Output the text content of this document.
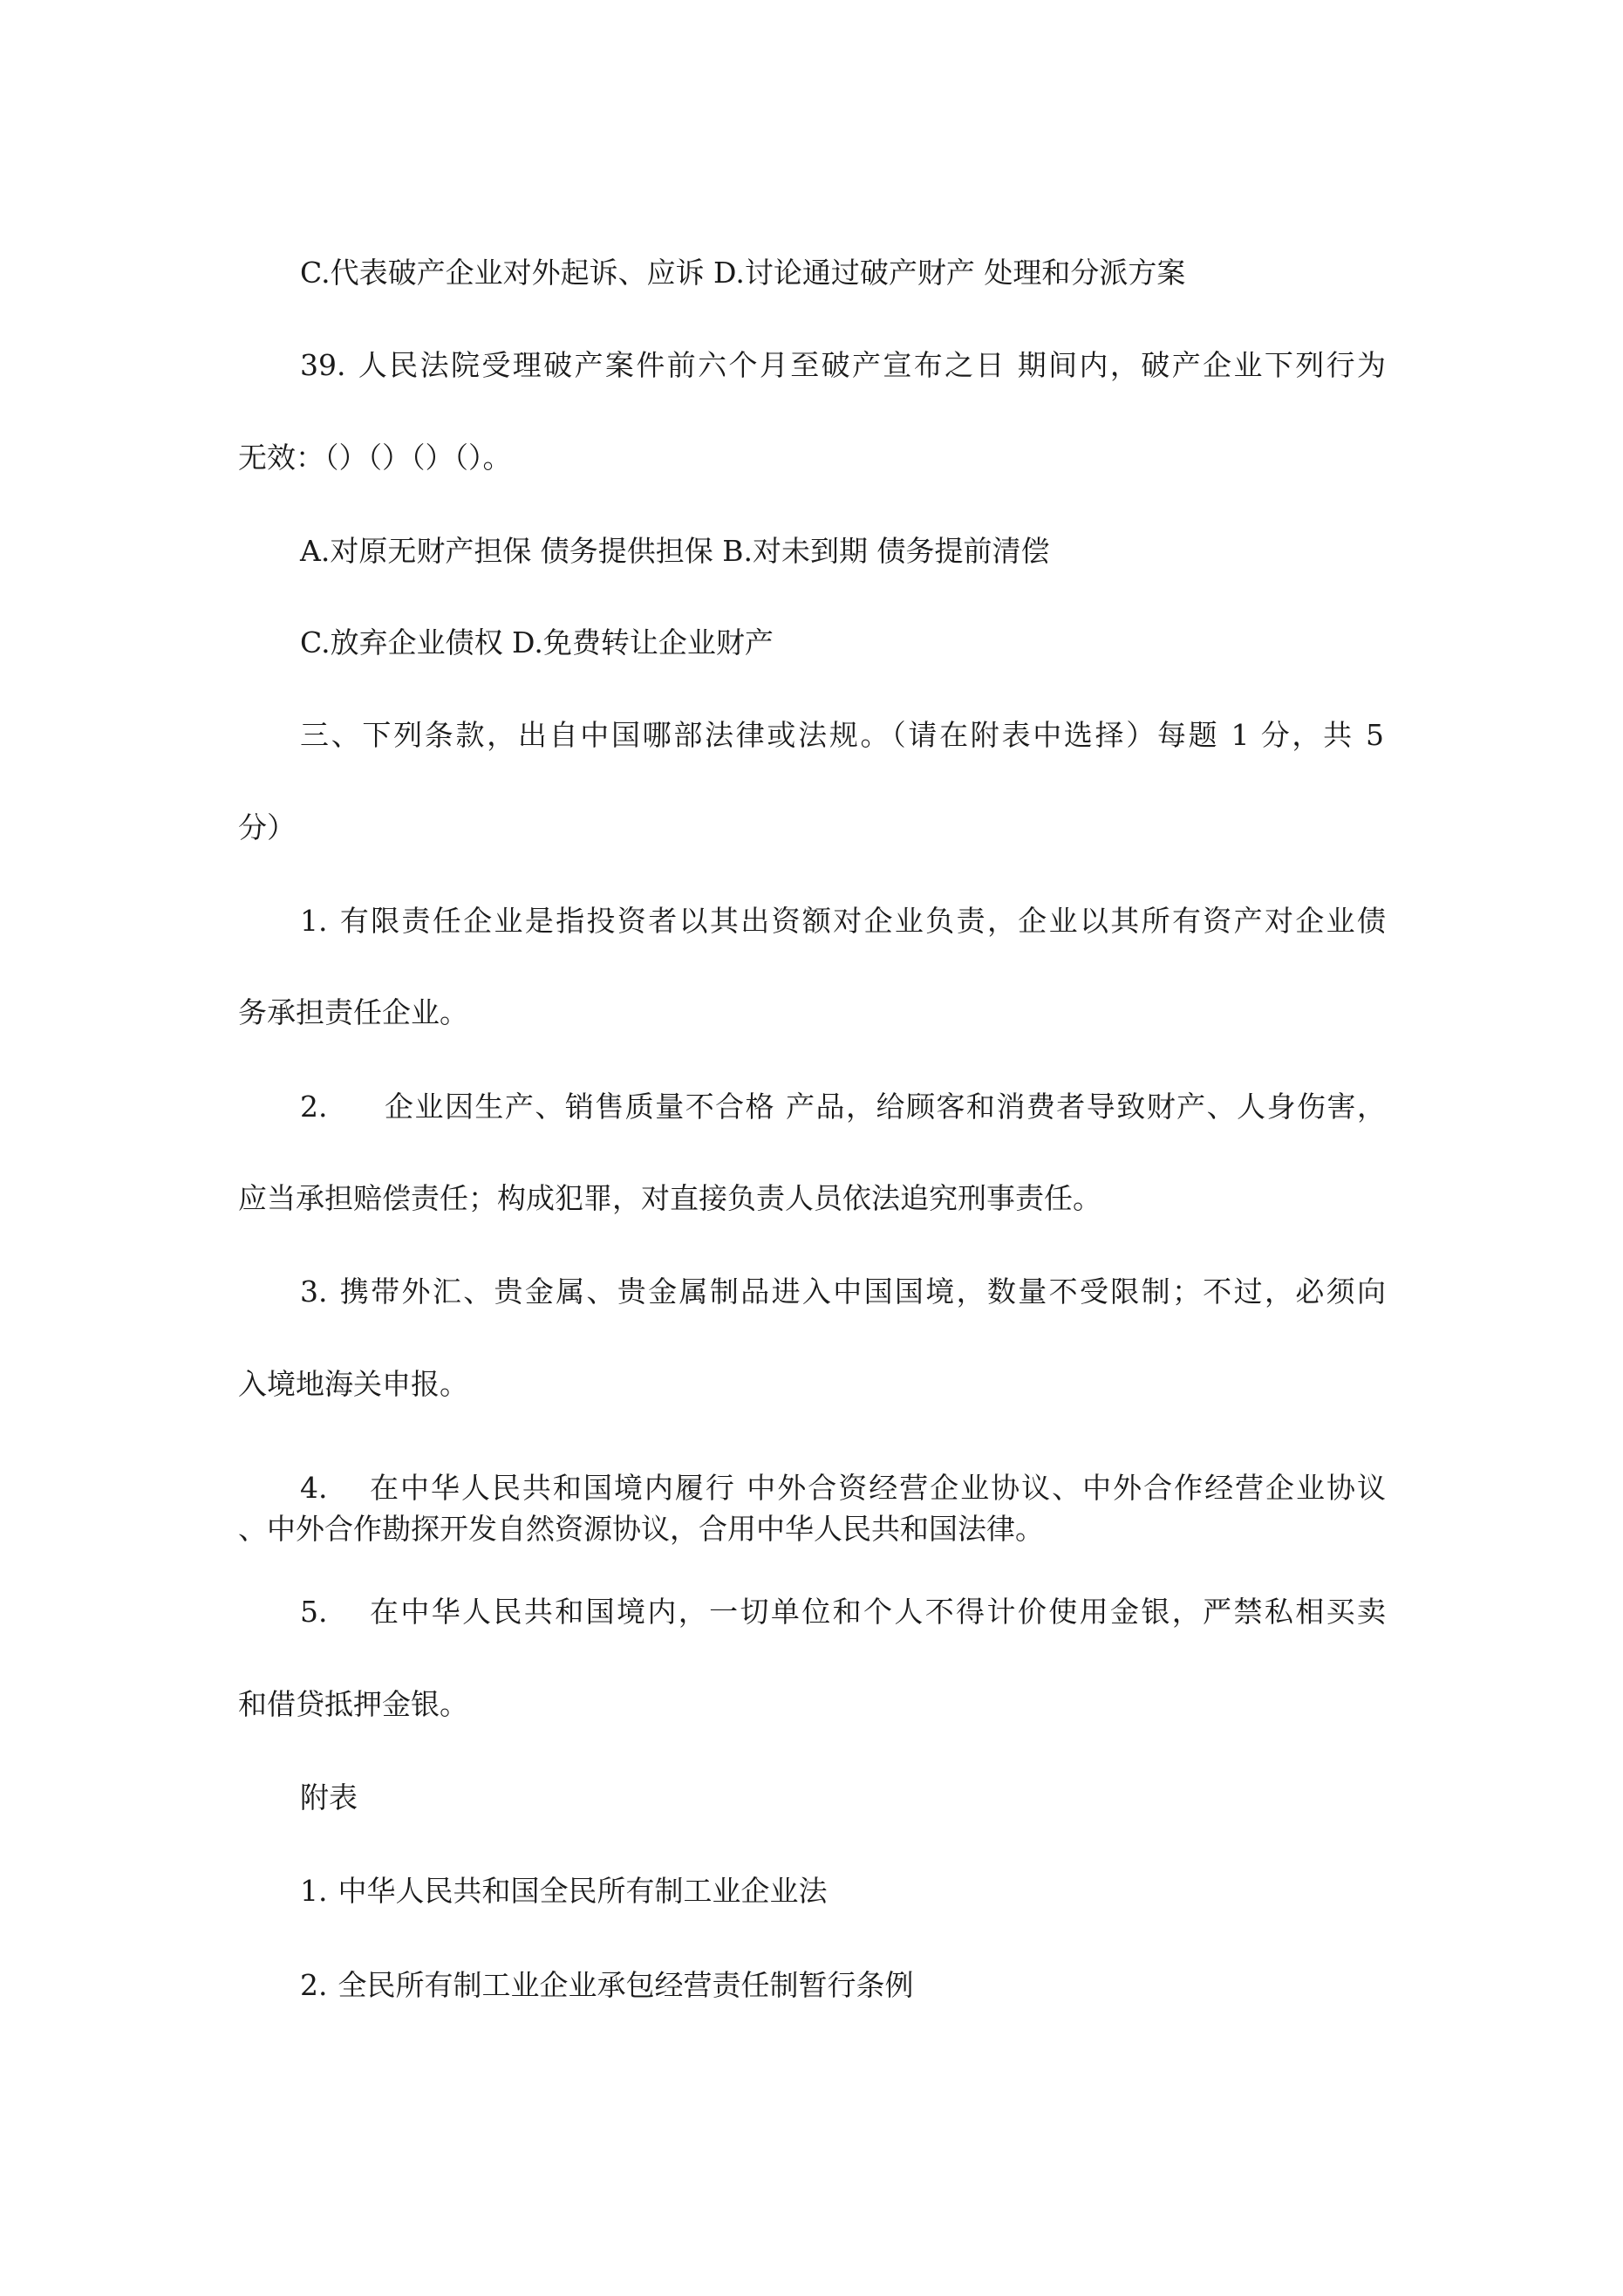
C.代表破产企业对外起诉、应诉 D.讨论通过破产财产 处理和分派方案
39. 人民法院受理破产案件前六个月至破产宣布之日 期间内，破产企业下列行为
无效：（）（）（）（）。
A.对原无财产担保 债务提供担保 B.对未到期 债务提前清偿
C.放弃企业债权 D.免费转让企业财产
三、下列条款，出自中国哪部法律或法规。（请在附表中选择）每题 1 分，共 5
分）
1. 有限责任企业是指投资者以其出资额对企业负责，企业以其所有资产对企业债
务承担责任企业。
2. 企业因生产、销售质量不合格 产品，给顾客和消费者导致财产、人身伤害，
应当承担赔偿责任；构成犯罪，对直接负责人员依法追究刑事责任。
3. 携带外汇、贵金属、贵金属制品进入中国国境，数量不受限制；不过，必须向
入境地海关申报。
4. 在中华人民共和国境内履行 中外合资经营企业协议、中外合作经营企业协议
、中外合作勘探开发自然资源协议，合用中华人民共和国法律。
5. 在中华人民共和国境内，一切单位和个人不得计价使用金银，严禁私相买卖
和借贷抵押金银。
附表
1. 中华人民共和国全民所有制工业企业法
2. 全民所有制工业企业承包经营责任制暂行条例
